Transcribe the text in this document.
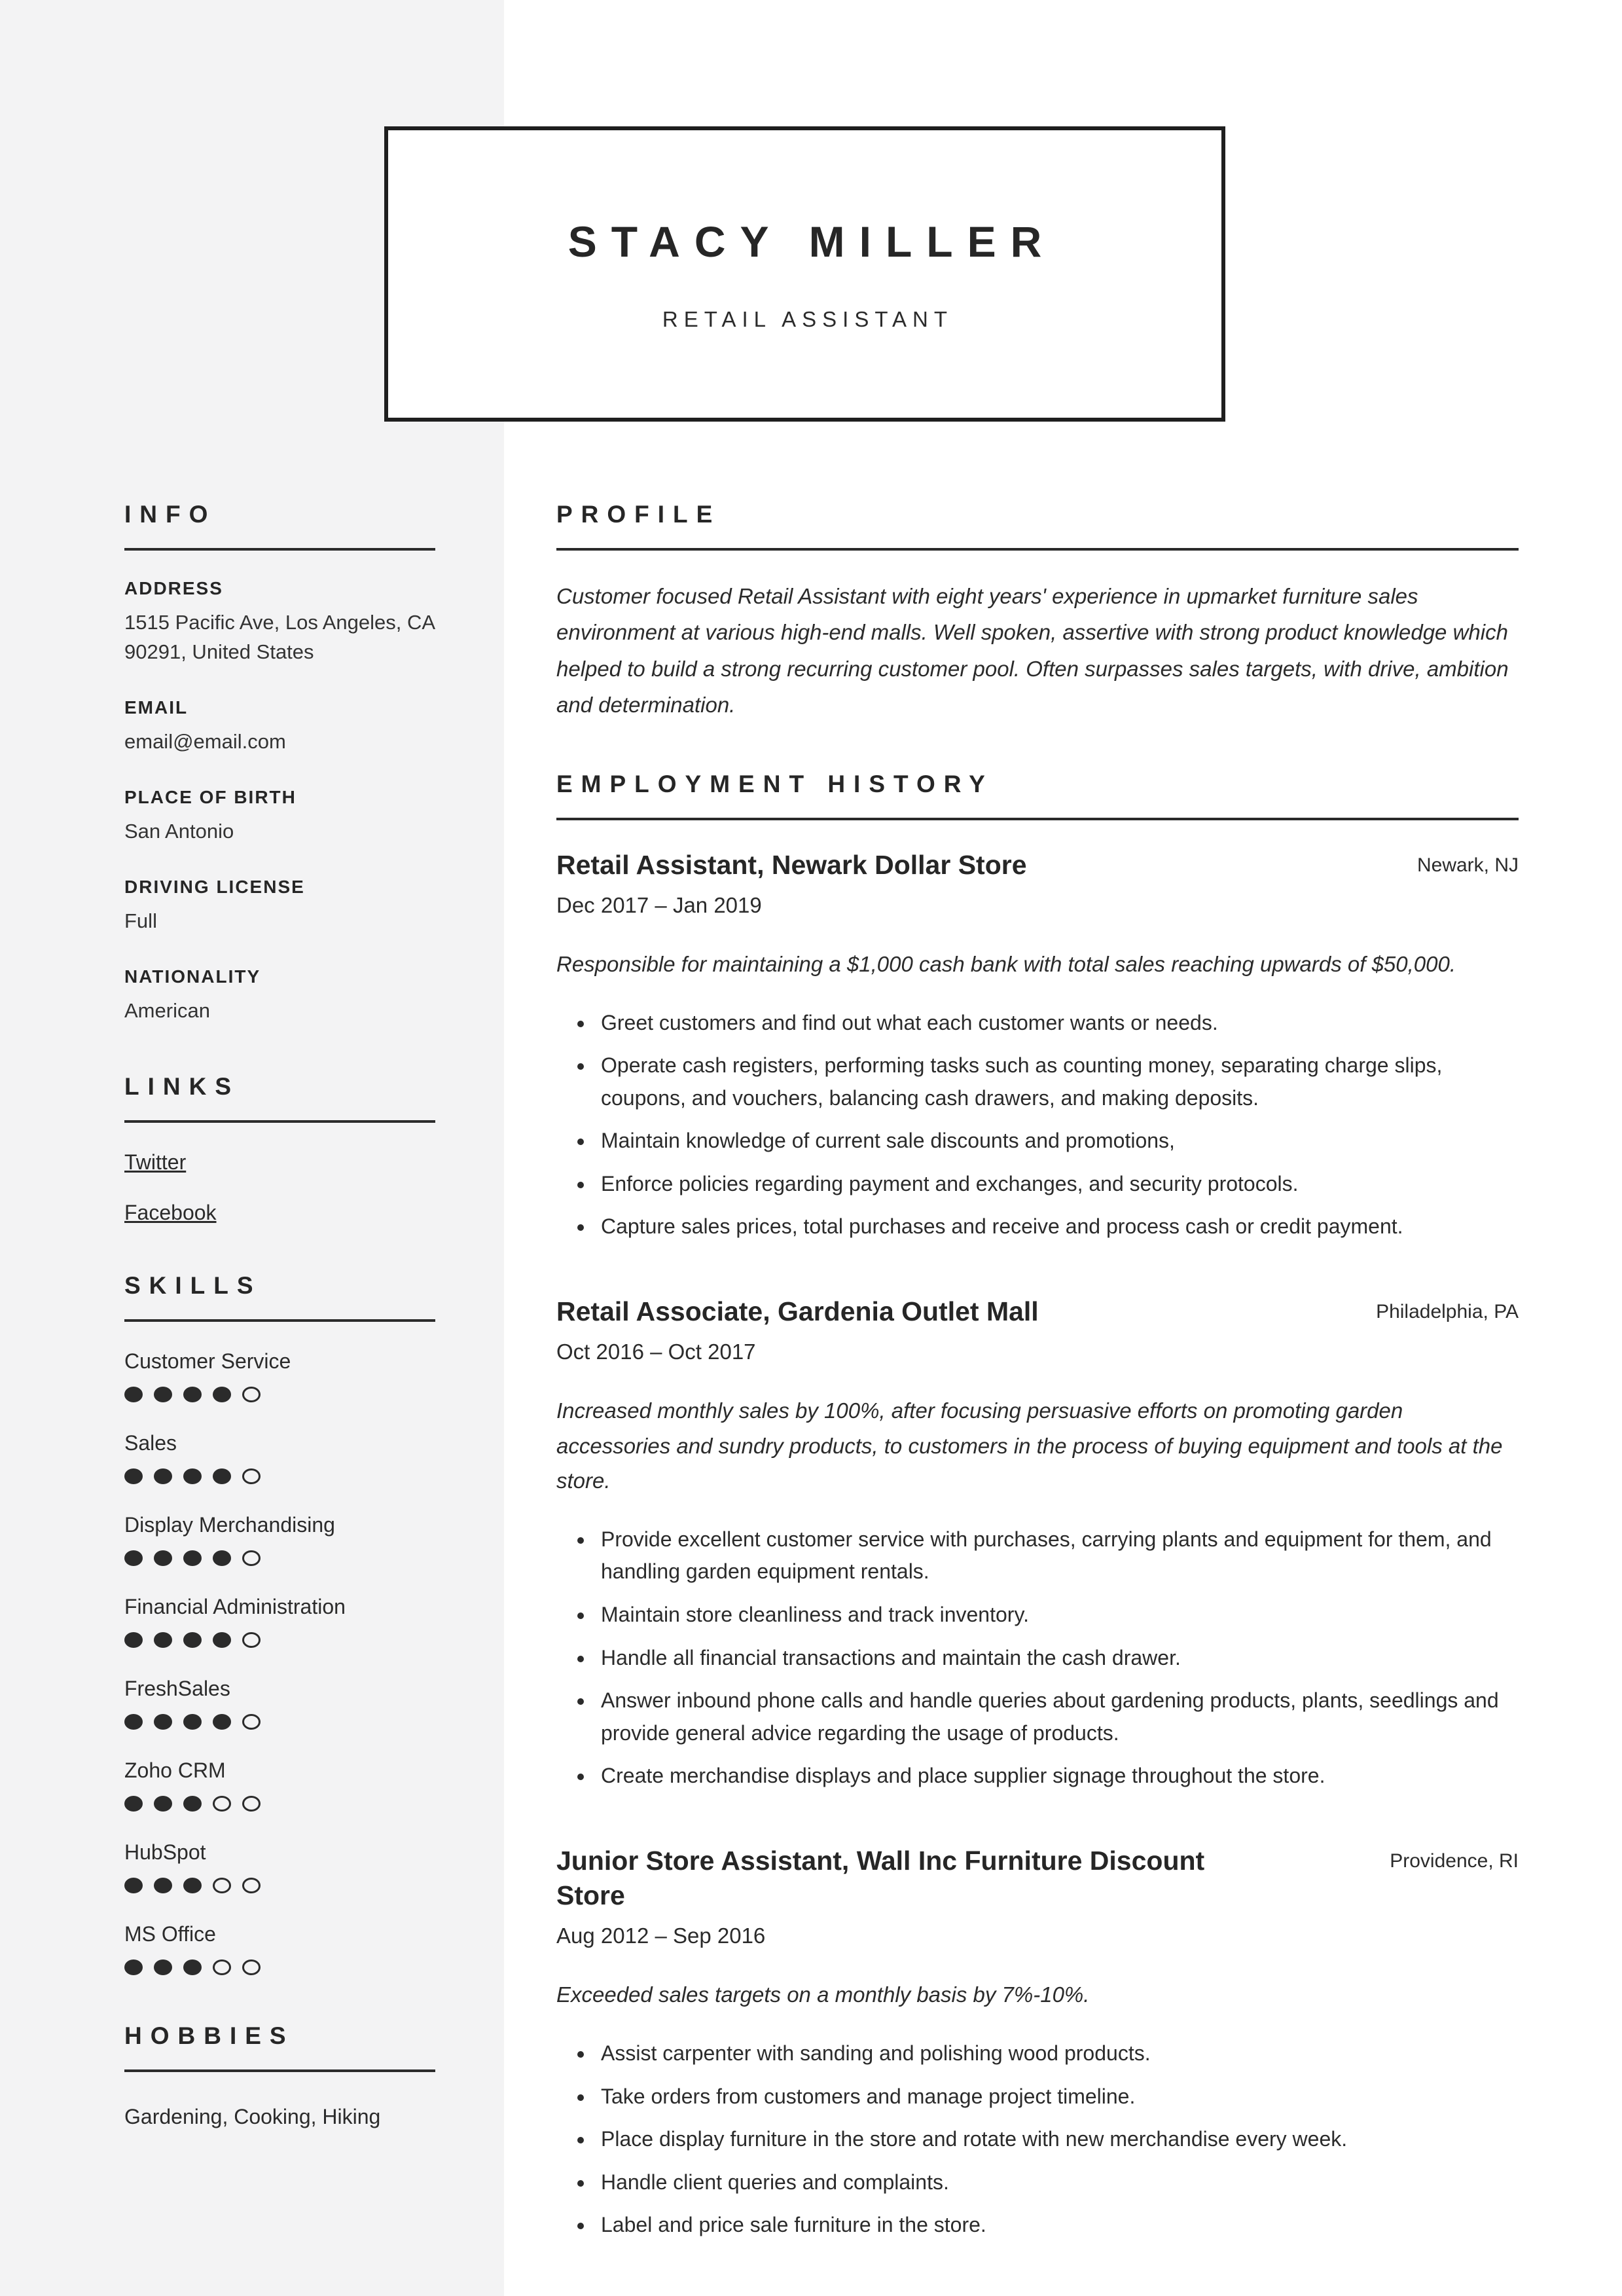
STACY MILLER
RETAIL ASSISTANT
INFO
ADDRESS
1515 Pacific Ave, Los Angeles, CA 90291, United States
EMAIL
email@email.com
PLACE OF BIRTH
San Antonio
DRIVING LICENSE
Full
NATIONALITY
American
LINKS
Twitter
Facebook
SKILLS
Customer Service
Sales
Display Merchandising
Financial Administration
FreshSales
Zoho CRM
HubSpot
MS Office
HOBBIES
Gardening, Cooking, Hiking
PROFILE

Customer focused Retail Assistant with eight years' experience in upmarket furniture sales environment at various high-end malls. Well spoken, assertive with strong product knowledge which helped to build a strong recurring customer pool. Often surpasses sales targets, with drive, ambition and determination.

EMPLOYMENT HISTORY
Retail Assistant, Newark Dollar Store	Newark, NJ
Dec 2017 – Jan 2019

Responsible for maintaining a $1,000 cash bank with total sales reaching upwards of $50,000.

• Greet customers and find out what each customer wants or needs.
• Operate cash registers, performing tasks such as counting money, separating charge slips, coupons, and vouchers, balancing cash drawers, and making deposits.
• Maintain knowledge of current sale discounts and promotions,
• Enforce policies regarding payment and exchanges, and security protocols.
• Capture sales prices, total purchases and receive and process cash or credit payment.
Retail Associate, Gardenia Outlet Mall	Philadelphia, PA
Oct 2016 – Oct 2017

Increased monthly sales by 100%, after focusing persuasive efforts on promoting garden accessories and sundry products, to customers in the process of buying equipment and tools at the store.

• Provide excellent customer service with purchases, carrying plants and equipment for them, and handling garden equipment rentals.
• Maintain store cleanliness and track inventory.
• Handle all financial transactions and maintain the cash drawer.
• Answer inbound phone calls and handle queries about gardening products, plants, seedlings and provide general advice regarding the usage of products.
• Create merchandise displays and place supplier signage throughout the store.
Junior Store Assistant, Wall Inc Furniture Discount Store
Providence, RI
Aug 2012 – Sep 2016

Exceeded sales targets on a monthly basis by 7%-10%.

• Assist carpenter with sanding and polishing wood products.
• Take orders from customers and manage project timeline.
• Place display furniture in the store and rotate with new merchandise every week.
• Handle client queries and complaints.
• Label and price sale furniture in the store.
